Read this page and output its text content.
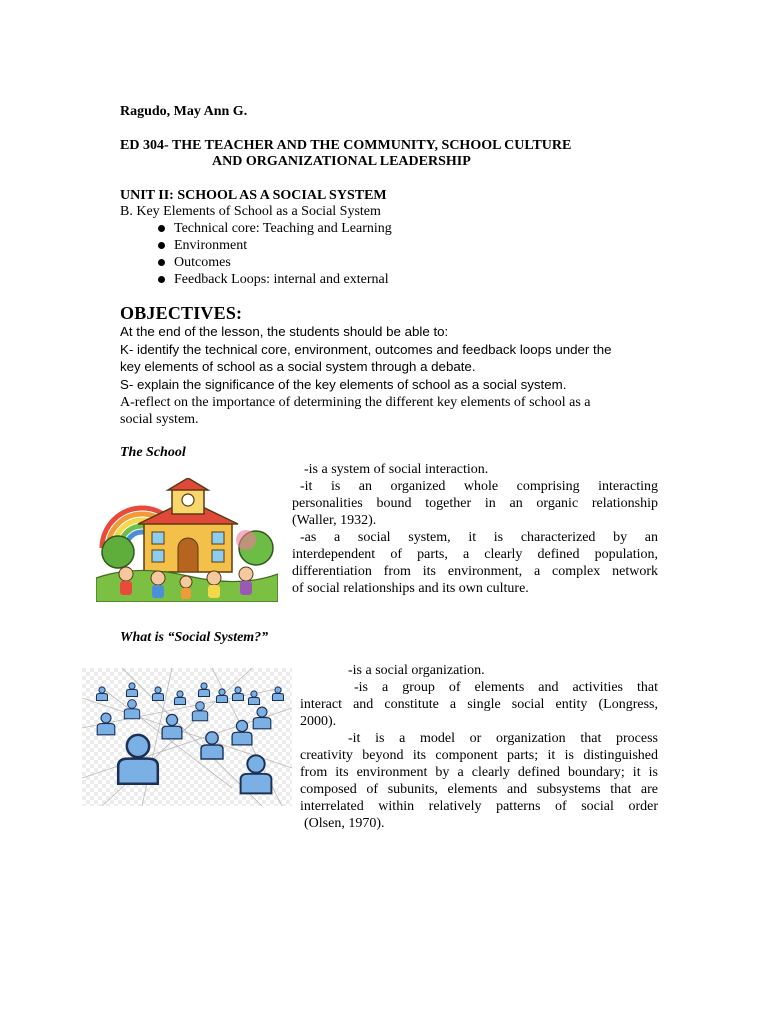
Ragudo, May Ann G.
ED 304- THE TEACHER AND THE COMMUNITY, SCHOOL CULTURE
AND ORGANIZATIONAL LEADERSHIP
UNIT II: SCHOOL AS A SOCIAL SYSTEM
B. Key Elements of School as a Social System
Technical core: Teaching and Learning
Environment
Outcomes
Feedback Loops: internal and external
OBJECTIVES:
At the end of the lesson, the students should be able to:
K- identify the technical core, environment, outcomes and feedback loops under the
key elements of school as a social system through a debate.
S- explain the significance of the key elements of school as a social system.
A-reflect on the importance of determining the different key elements of school as a
social system.
The School
-is a system of social interaction.
-it is an organized whole comprising interacting
personalities bound together in an organic relationship
(Waller, 1932).
-as a social system, it is characterized by an
interdependent of parts, a clearly defined population,
differentiation from its environment, a complex network
of social relationships and its own culture.
What is “Social System?”
-is a social organization.
-is a group of elements and activities that
interact and constitute a single social entity (Longress,
2000).
-it is a model or organization that process
creativity beyond its component parts; it is distinguished
from its environment by a clearly defined boundary; it is
composed of subunits, elements and subsystems that are
interrelated within relatively patterns of social order
(Olsen, 1970).
